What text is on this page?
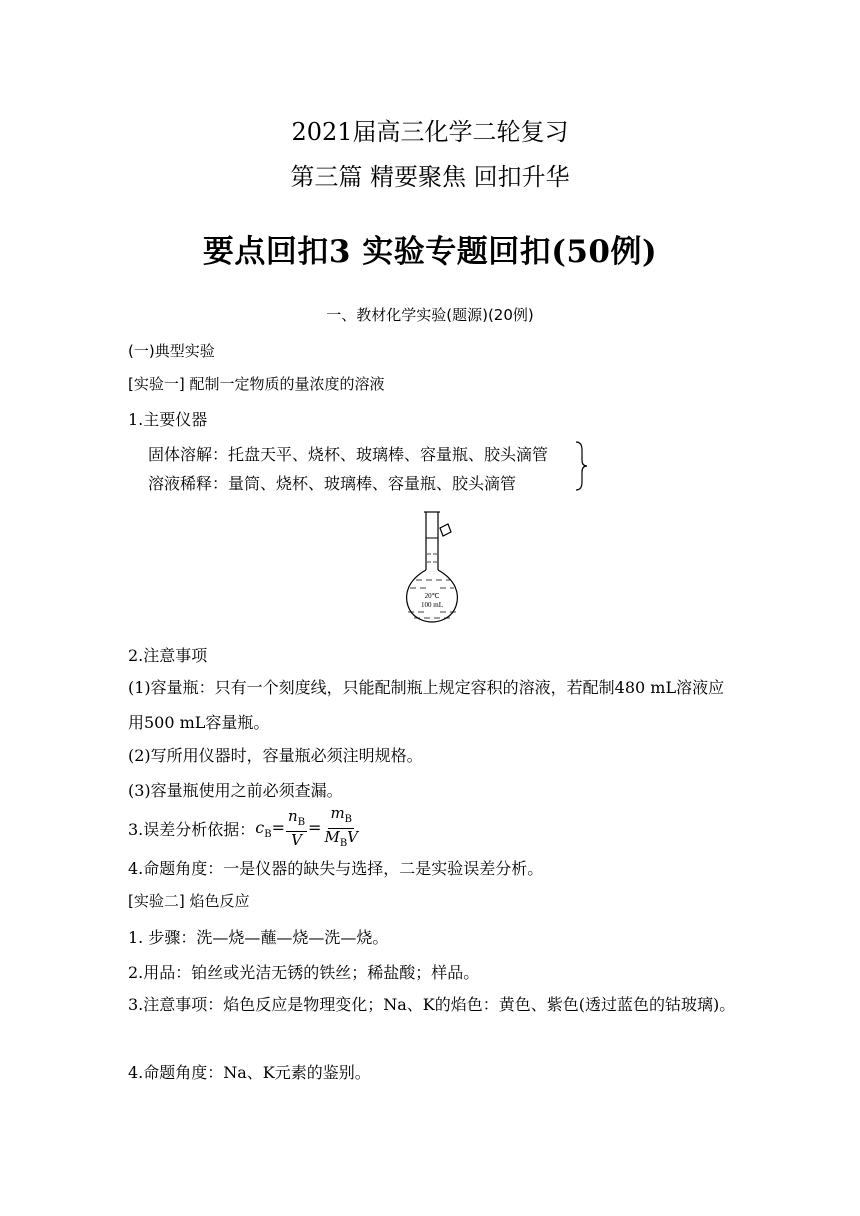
2021届高三化学二轮复习
第三篇 精要聚焦 回扣升华
要点回扣3 实验专题回扣(50例)
一、教材化学实验(题源)(20例)
(一)典型实验
[实验一] 配制一定物质的量浓度的溶液
1.主要仪器
固体溶解：托盘天平、烧杯、玻璃棒、容量瓶、胶头滴管
溶液稀释：量筒、烧杯、玻璃棒、容量瓶、胶头滴管
20℃
100 mL
2.注意事项
(1)容量瓶：只有一个刻度线，只能配制瓶上规定容积的溶液，若配制480 mL溶液应用500 mL容量瓶。
(2)写所用仪器时，容量瓶必须注明规格。
(3)容量瓶使用之前必须查漏。
3.误差分析依据： $c_B= \frac{n_B}{V} = \frac{m_B}{M_BV}$
4.命题角度：一是仪器的缺失与选择，二是实验误差分析。
[实验二] 焰色反应
1. 步骤：洗—烧—蘸—烧—洗—烧。
2.用品：铂丝或光洁无锈的铁丝；稀盐酸；样品。
3.注意事项：焰色反应是物理变化；Na、K的焰色：黄色、紫色(透过蓝色的钴玻璃)。
4.命题角度：Na、K元素的鉴别。
